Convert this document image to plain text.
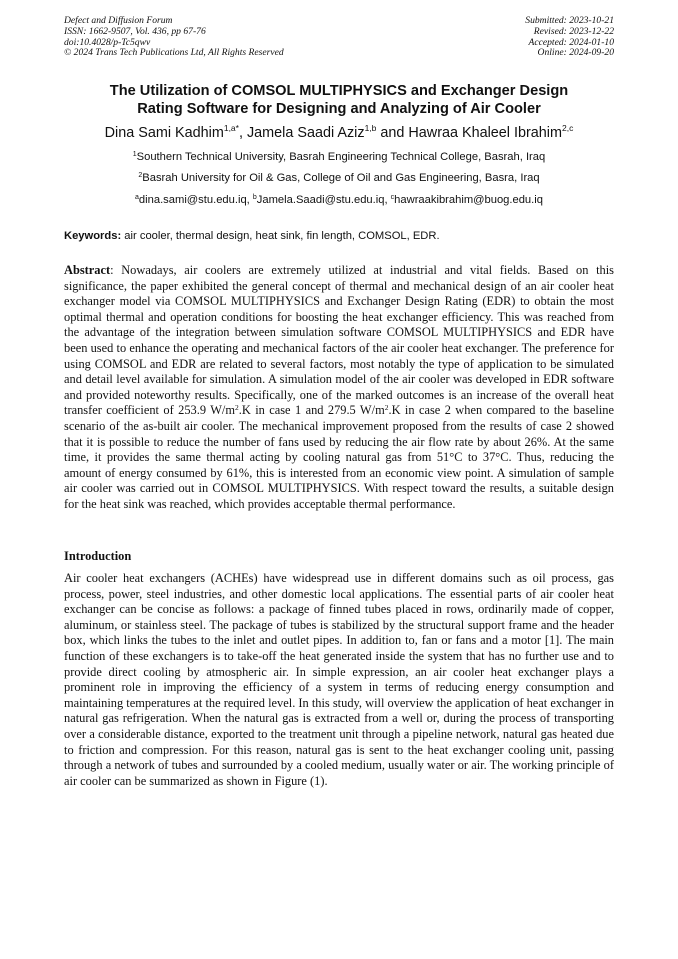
Defect and Diffusion Forum
ISSN: 1662-9507, Vol. 436, pp 67-76
doi:10.4028/p-Tc5qwv
© 2024 Trans Tech Publications Ltd, All Rights Reserved
Submitted: 2023-10-21
Revised: 2023-12-22
Accepted: 2024-01-10
Online: 2024-09-20
The Utilization of COMSOL MULTIPHYSICS and Exchanger Design
Rating Software for Designing and Analyzing of Air Cooler
Dina Sami Kadhim$^{1,a*}$, Jamela Saadi Aziz$^{1,b}$ and Hawraa Khaleel Ibrahim$^{2,c}$
$^1$Southern Technical University, Basrah Engineering Technical College, Basrah, Iraq
$^2$Basrah University for Oil & Gas, College of Oil and Gas Engineering, Basra, Iraq
$^a$dina.sami@stu.edu.iq, $^b$Jamela.Saadi@stu.edu.iq, $^c$hawraakibrahim@buog.edu.iq
Keywords: air cooler, thermal design, heat sink, fin length, COMSOL, EDR.
Abstract: Nowadays, air coolers are extremely utilized at industrial and vital fields. Based on this significance, the paper exhibited the general concept of thermal and mechanical design of an air cooler heat exchanger model via COMSOL MULTIPHYSICS and Exchanger Design Rating (EDR) to obtain the most optimal thermal and operation conditions for boosting the heat exchanger efficiency. This was reached from the advantage of the integration between simulation software COMSOL MULTIPHYSICS and EDR have been used to enhance the operating and mechanical factors of the air cooler heat exchanger. The preference for using COMSOL and EDR are related to several factors, most notably the type of application to be simulated and detail level available for simulation. A simulation model of the air cooler was developed in EDR software and provided noteworthy results. Specifically, one of the marked outcomes is an increase of the overall heat transfer coefficient of 253.9 $W/m^2.K$ in case 1 and 279.5 $W/m^2.K$ in case 2 when compared to the baseline scenario of the as-built air cooler. The mechanical improvement proposed from the results of case 2 showed that it is possible to reduce the number of fans used by reducing the air flow rate by about 26%. At the same time, it provides the same thermal acting by cooling natural gas from 51°C to 37°C. Thus, reducing the amount of energy consumed by 61%, this is interested from an economic view point. A simulation of sample air cooler was carried out in COMSOL MULTIPHYSICS. With respect toward the results, a suitable design for the heat sink was reached, which provides acceptable thermal performance.
Introduction
Air cooler heat exchangers (ACHEs) have widespread use in different domains such as oil process, gas process, power, steel industries, and other domestic local applications. The essential parts of air cooler heat exchanger can be concise as follows: a package of finned tubes placed in rows, ordinarily made of copper, aluminum, or stainless steel. The package of tubes is stabilized by the structural support frame and the header box, which links the tubes to the inlet and outlet pipes. In addition to, fan or fans and a motor [1]. The main function of these exchangers is to take-off the heat generated inside the system that has no further use and to provide direct cooling by atmospheric air. In simple expression, an air cooler heat exchanger plays a prominent role in improving the efficiency of a system in terms of reducing energy consumption and maintaining temperatures at the required level. In this study, will overview the application of heat exchanger in natural gas refrigeration. When the natural gas is extracted from a well or, during the process of transporting over a considerable distance, exported to the treatment unit through a pipeline network, natural gas heated due to friction and compression. For this reason, natural gas is sent to the heat exchanger cooling unit, passing through a network of tubes and surrounded by a cooled medium, usually water or air. The working principle of air cooler can be summarized as shown in Figure (1).
